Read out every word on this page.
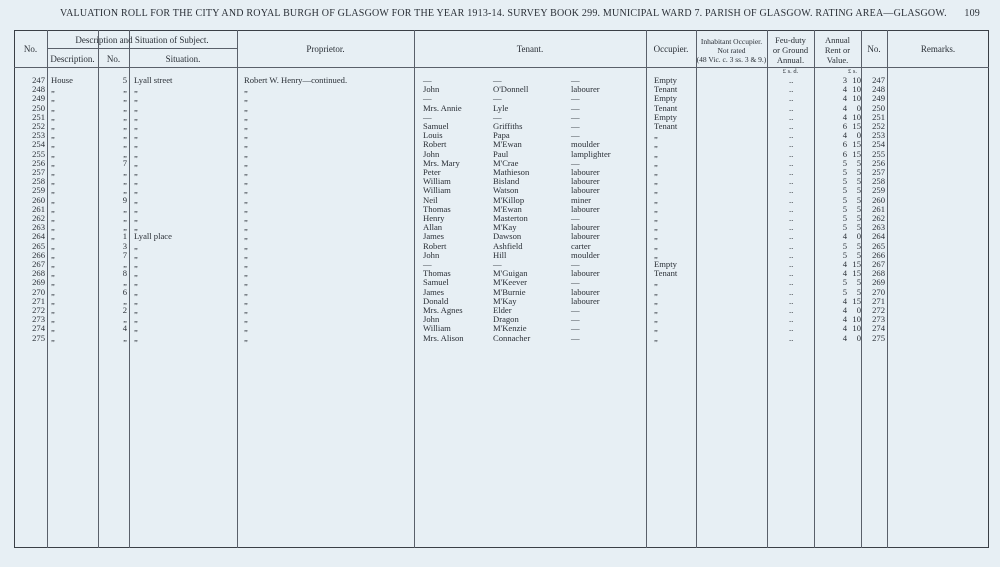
VALUATION ROLL FOR THE CITY AND ROYAL BURGH OF GLASGOW FOR THE YEAR 1913-14. SURVEY BOOK 299. MUNICIPAL WARD 7. PARISH OF GLASGOW. RATING AREA—GLASGOW. 109
No.
Description and Situation of Subject.
Description.	No.	Situation.
Proprietor.	Tenant.	Occupier.
Inhabitant Occupier.
Not rated
(48 Vic. c. 3 ss. 3 & 9.)
Feu-duty
or Ground
Annual.
Annual
Rent or
Value.
No.	Remarks.
£ s. d.	£ s.
247 House	5 Lyall street	Robert W. Henry—continued.	—	—	—	Empty	..	3 10	247
248 „	„ „	„	John	O'Donnell	labourer	Tenant	..	4 10	248
249 „	„ „	„	—	—	—	Empty	..	4 10	249
250 „	„ „	„	Mrs. Annie	Lyle	—	Tenant	..	4	0	250
251 „	„ „	„	—	—	—	Empty	..	4 10	251
252 „	„ „	„	Samuel	Griffiths	—	Tenant	..	6 15	252
253 „	„ „	„	Louis	Papa	—	„	..	4	0	253
254 „	„ „	„	Robert	M'Ewan	moulder	„	..	6 15	254
255 „	„ „	„	John	Paul	lamplighter	„	..	6 15	255
256 „	7 „	„	Mrs. Mary	M'Crae	—	„	..	5	5	256
257 „	„ „	„	Peter	Mathieson	labourer	„	..	5	5	257
258 „	„ „	„	William	Bisland	labourer	„	..	5	5	258
259 „	„ „	„	William	Watson	labourer	„	..	5	5	259
260 „	9 „	„	Neil	M'Killop	miner	„	..	5	5	260
261 „	„ „	„	Thomas	M'Ewan	labourer	„	..	5	5	261
262 „	„ „	„	Henry	Masterton	—	„	..	5	5	262
263 „	„ „	„	Allan	M'Kay	labourer	„	..	5	5	263
264 „	1 Lyall place	„	James	Dawson	labourer	„	..	4	0	264
265 „	3 „	„	Robert	Ashfield	carter	„	..	5	5	265
266 „	7 „	„	John	Hill	moulder	„	..	5	5	266
267 „	„ „	„	—	—	—	Empty	..	4 15	267
268 „	8 „	„	Thomas	M'Guigan	labourer	Tenant	..	4 15	268
269 „	„ „	„	Samuel	M'Keever	—	„	..	5	5	269
270 „	6 „	„	James	M'Burnie	labourer	„	..	5	5	270
271 „	„ „	„	Donald	M'Kay	labourer	„	..	4 15	271
272 „	2 „	„	Mrs. Agnes	Elder	—	„	..	4	0	272
273 „	„ „	„	John	Dragon	—	„	..	4 10	273
274 „	4 „	„	William	M'Kenzie	—	„	..	4 10	274
275 „	„ „	„	Mrs. Alison	Connacher	—	„	..	4	0	275
